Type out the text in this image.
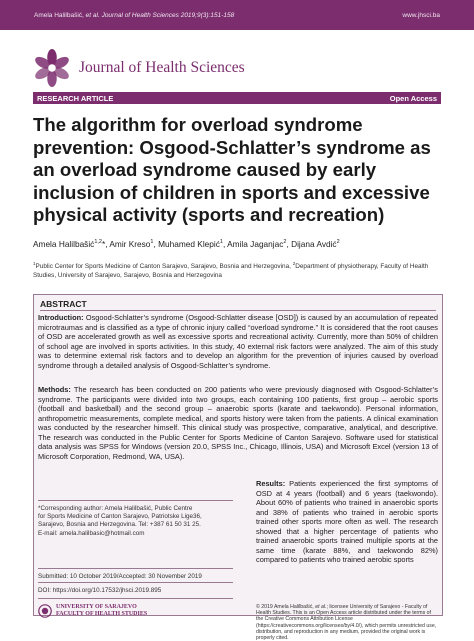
Amela Halilbašić, et al. Journal of Health Sciences 2019;9(3):151-158	www.jhsci.ba
Journal of Health Sciences
RESEARCH ARTICLE	Open Access
The algorithm for overload syndrome prevention: Osgood-Schlatter’s syndrome as an overload syndrome caused by early inclusion of children in sports and excessive physical activity (sports and recreation)
Amela Halilbašić$^{1,2}$*, Amir Kreso$^1$, Muhamed Klepić$^1$, Amila Jaganjac$^2$, Dijana Avdić$^2$
$^1$Public Center for Sports Medicine of Canton Sarajevo, Sarajevo, Bosnia and Herzegovina, $^2$Department of physiotherapy, Faculty of Health Studies, University of Sarajevo, Sarajevo, Bosnia and Herzegovina
ABSTRACT

Introduction: Osgood-Schlatter’s syndrome (Osgood-Schlatter disease [OSD]) is caused by an accumulation of repeated microtraumas and is classified as a type of chronic injury called “overload syndrome.” It is considered that the root causes of OSD are accelerated growth as well as excessive sports and recreational activity. Currently, more than 50% of children of school age are involved in sports activities. In this study, 40 external risk factors were analyzed. The aim of this study was to determine external risk factors and to develop an algorithm for the prevention of injuries caused by overload syndrome through a detailed analysis of Osgood-Schlatter’s syndrome.

Methods: The research has been conducted on 200 patients who were previously diagnosed with Osgood-Schlatter’s syndrome. The participants were divided into two groups, each containing 100 patients, first group – aerobic sports (football and basketball) and the second group – anaerobic sports (karate and taekwondo). Personal information, anthropometric measurements, complete medical, and sports history were taken from the patients. A clinical examination was conducted by the researcher himself. This clinical study was prospective, comparative, analytical, and descriptive. The research was conducted in the Public Center for Sports Medicine of Canton Sarajevo. Software used for statistical data analysis was SPSS for Windows (version 20.0, SPSS Inc., Chicago, Illinois, USA) and Microsoft Excel (version 13 of Microsoft Corporation, Redmond, WA, USA).

Results: Patients experienced the first symptoms of OSD at 4 years (football) and 6 years (taekwondo). About 60% of patients who trained in anaerobic sports and 38% of patients who trained in aerobic sports trained other sports more often as well. The research showed that a higher percentage of patients who trained anaerobic sports trained multiple sports at the same time (karate 88%, and taekwondo 82%) compared to patients who trained aerobic sports

*Corresponding author: Amela Halilbašić, Public Centre
for Sports Medicine of Canton Sarajevo, Patriotske Lige36,
Sarajevo, Bosnia and Herzegovina. Tel: +387 61 50 31 25.
E-mail: amela.halilbasic@hotmail.com
Submitted: 10 October 2019/Accepted: 30 November 2019
DOI: https://doi.org/10.17532/jhsci.2019.895
UNIVERSITY OF SARAJEVO
FACULTY OF HEALTH STUDIES
© 2019 Amela Halilbašić, et al.; licensee University of Sarajevo - Faculty of Health Studies. This is an Open Access article distributed under the terms of the Creative Commons Attribution License (https://creativecommons.org/licenses/by/4.0/), which permits unrestricted use, distribution, and reproduction in any medium, provided the original work is properly cited.
